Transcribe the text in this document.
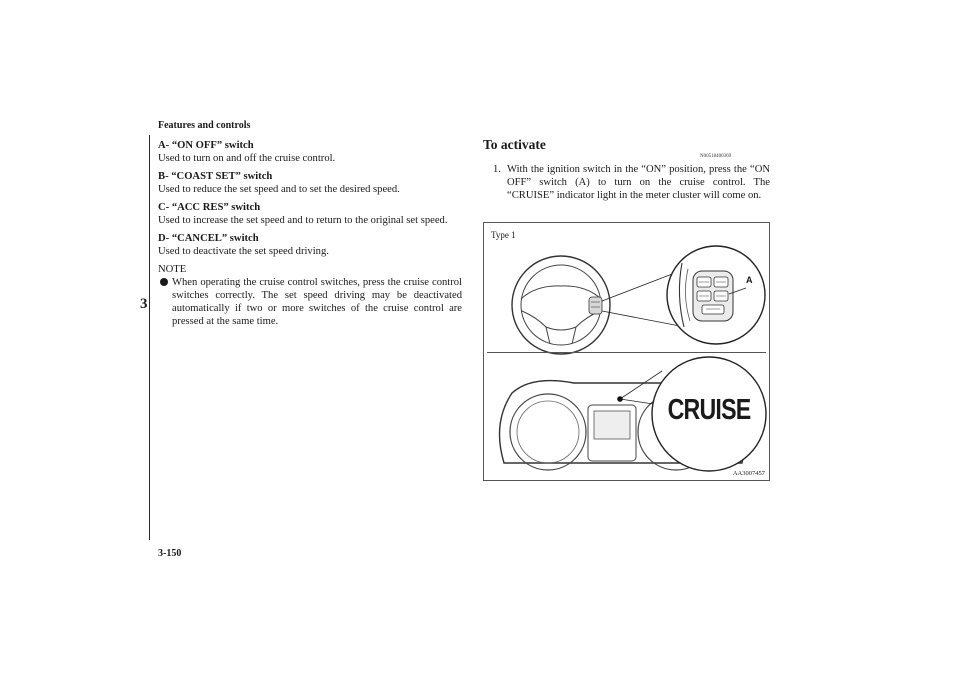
Features and controls
3
A- “ON OFF” switch
Used to turn on and off the cruise control.
B- “COAST SET” switch
Used to reduce the set speed and to set the desired speed.
C- “ACC RES” switch
Used to increase the set speed and to return to the original set speed.
D- “CANCEL” switch
Used to deactivate the set speed driving.
NOTE
When operating the cruise control switches, press the cruise control switches correctly. The set speed driving may be deactivated automatically if two or more switches of the cruise control are pressed at the same time.
To activate
N00518400369
1. With the ignition switch in the “ON” position, press the “ON OFF” switch (A) to turn on the cruise control. The “CRUISE” indicator light in the meter cluster will come on.
Type 1
A
CRUISE
AA3007457
3-150
